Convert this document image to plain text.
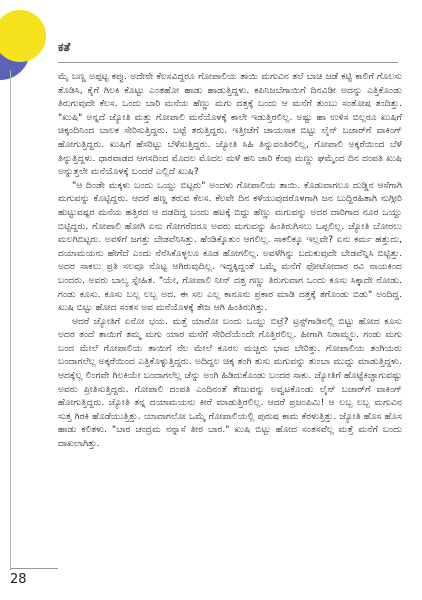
ಕತೆ

ಮೈ ಬಣ್ಣ ಅಪ್ಪಟ್ಟ ಕಪ್ಪು. ಅದೇನೇ ಕೆಲಸವಿದ್ದರೂ ಗೋಪಾಲಿಯ ತಾಯಿ ಮಗುವಿನ ತಲೆ ಬಾಚಿ ಜಡೆ ಕಟ್ಟಿ ಕಾಲಿಗೆ ಗೊಲಸು ತೊಡಿಸಿ, ಕೈಗೆ ಗಿಲಕಿ ಕೊಟ್ಟು ಎಂತಹೋ ಹಾಡು ಹಾಡುತ್ತಿದ್ದಳು. ಕಪಿನಿಜಬೆಗಾಯಿಗೆ ದಿನವಿಡೀ ಅದನ್ನು ಎತ್ತಿಕೊಂಡು ತಿರುಗುವುದೇ ಕೆಲಸ. ಒಂದು ಬಾರಿ ಮನೆಯ ಹೆಣ್ಣು ಮಗು ದತ್ತಕ್ಕೆ ಬಂದು ಆ ಮನೆಗೆ ತುಂಬು ಸಂತೋಷ ತಂದಿತ್ತು. "ಖುಷಿ" ಅನ್ನದೆ ಜ್ಯೋತಿ ಮತ್ತು ಗೋಪಾಲಿ ಮನೆಯೊಳಕ್ಕೆ ಕಾಲೇ ಇಡುತ್ತಿರಲಿಲ್ಲ. ಅಷ್ಟು ಹಾ ಉಳಿಸ ಬಿಲ್ಲರೂ ಖುಷಿಗೆ ಚಿಕ್ಕಂದಿನಿಂದ ಬಾಲಕ ಸೇರಿಸುತ್ತಿದ್ದರು. ಬಟ್ಟೆ ತರುತ್ತಿದ್ದರು. ಇತ್ತೀಚೆಗೆ ಚಾಯಸಾಕ ಬಿಟ್ಟು ಲೈನ್ ಬಜಾರ್‌ಗೆ ವಾಕಿಂಗ್ ಹೋಗುತ್ತಿದ್ದರು. ಖುಷಿಗೆ ಹೆಸರಿಟ್ಟು ಬೆಳೆಸುತ್ತಿದ್ದರು. ಜ್ಯೋತಿ ಸಿಹಿ ತಿನ್ನುವಂತಿರಲಿಲ್ಲ, ಗೋಪಾಲಿ ಅಕ್ಕರೆಯಿಂದ ಬೆಳೆ ತಿನ್ನುತ್ತಿದ್ದಳು. ಧಾರವಾಡದ ಆಗಸದಿಂದ ಮೊದಲ ಮೊದಲ ಮಳೆ ಹನಿ ಜಾರಿ ಕೆಂಪು ಮಣ್ಣು ಘಮ್ಮೆಂದ ದಿನ ದಂಪತಿ ಖುಷಿ ಅನ್ನುತ್ತಲೇ ಮನೆಯೊಳಕ್ಕೆ ಬಂದರೆ ಎಲ್ಲಿದೆ ಖುಷಿ?

"ಆ ದಿಂಡೇ ಮಕ್ಕಳು ಬಂದು ಒಯ್ದು ಬಿಟ್ಟರು" ಅಂದಳು ಗೋಪಾಲಿಯ ತಾಯಿ. ಕೊಡುವಾಗಲೂ ದುಡ್ಡಿನ ಆಸೆಗಾಗಿ ಮಗುವನ್ನು ಕೊಟ್ಟಿದ್ದರು. ಆದರೆ ಹಣ್ಣ ತರುವ ಕೆಲಸ. ಕೆಲವೇ ದಿನ ಕಳೆಯುವುದರೊಳಗಾಗಿ ಜನ ಬುದ್ದಿರಹಿತಾಗಿ ನುಗ್ಗೀರಿ ಹುಟ್ಟುವಷ್ಟರ ಮನೆಯ ಹತ್ತಿರದ ಆ ದಡದಿದ್ದ ಬಂದು ಹಟಕ್ಕೆ ಬಿದ್ದು ಹೆಣ್ಣು ಮಗುವನ್ನು ಅದರ ದಾರಿಗಾದ ನೂರ ಒಯ್ದು ಬಿಟ್ಟಿದ್ದರು. ಗೋಪಾಲಿ ಹೋಗಿ ಏನು ಗೋಗರೆದರೂ ಅವರು ಮಗುವನ್ನು ಹಿಂತಿರುಗಿಸಲು ಒಪ್ಪಲಿಲ್ಲ. ಜ್ಯೋತಿ ಬೋರಲು ಮಲಗಿಬಿಟ್ಟರು. ಅವಳಿಗೆ ಜಗತ್ತು ಬೇಡವೆನಿಸಿತ್ತು. ಹೆಂಡಿಕ್ಕೊತುಂ ಆಗಲಿಲ್ಲ. ಸಾಕಲಿಕ್ಕೂ ಇಲ್ಲವೇ? ಏನು ಕರ್ಮ ಹತ್ತುದು, ದಯಾಮಯನು ಹೇಗೆದೆ ಎಂದು ನೆನೆಸಿಕೊಳ್ಳಲೂ ಕೂಡ ಹೋಗಲಿಲ್ಲ. ಅವಳೆಗಿನ್ನು ಬದುಕುವುದೇ ಬೇಡವೆನ್ನಿಸಿ ಬಿಟ್ಟಿತ್ತು. ಅದರ ಸಾಕಲು ಪ್ರತಿ ಸಲವೂ ನೊಟ್ಟ ಆಗಿರುವುದಿಲ್ಲ. ಇದ್ದಕ್ಕಿದ್ದಂತೆ ಒಮ್ಮೆ ಮನೆಗೆ ಫೋಟೋದಾರ ರವಿ ನಾಯಕಿಂದ ಬಂದರು. ಅವರು ಬಾಲ್ಯ ಸ್ನೇಹಿತ. "ಯೇ, ಗೋಪಾಲಿ ನೀನ್ ದತ್ತ ಗಣ್ಣು ತಿರುಗುವಾಗ ಒಂದು ಕೂಸು ಸಿಕ್ಕಾದೇ ನೋಡು. ಗಂಡು ಕೂಸು. ಕೂಸು ಬಲ್ಲ ಲಬ್ಬ ಅದ. ಈ ಸಲ ಎಲ್ಲ ಕಾನೂನು ಪ್ರಕಾರ ಮಾಡಿ ದತ್ತಕ್ಕೆ ತಗೊಂಡು ಬಿಡು" ಅಂದಿದ್ದ. ಖುಷಿ ಬಿಟ್ಟು ಹೋದ ಸಂತಸ ಅವ ಮನೆಯೊಳಕ್ಕೆ ತೇಜ ಆಗಿ ಹಿಂತಿರುಗಿತ್ತು.

ಆದರೆ ಜ್ಯೋತಿಗೆ ಏನೋ ಭಯ. ಮತ್ತೆ ಯಾರೋ ಬಂದು ಒಯ್ದು ಬಿಟ್ರೆ? ಟ್ರಸ್ಟ್‌ಗಾಡಿನಲ್ಲಿ ಬಿಟ್ಟು ಹೋದ ಕೂಸು ಅದರ ತಂದೆ ತಾಯಿಗೆ ತಮ್ಮ ಮಗು ಯಾರ ಮನೆಗೆ ಸೇರಿದೆಯೆಂದೇ ಗೊತ್ತಿರಲಿಲ್ಲ. ಹೀಗಾಗಿ ನಿರಾಮ್ಲ್ವಲ. ಗಂಡು ಮಗು ಬಂದ ಮೇಲೆ ಗೋಪಾಲಿಯ ತಾಯಿಗೆ ನೆಲ ಮೇಲೆ ಕೂರಲ ಮಚ್ಚಿರು ಭಾವ ಬೇರಿತ್ತು. ಗೋಪಾಲಿಯ ತಂಗಿಯರು ಬಂದಾಗಲೆಲ್ಲ ಅಕ್ಕರೆಯಿಂದ ಎತ್ತಿಕೊಳ್ಳುತ್ತಿದ್ದರು. ಅದಿದ್ದಲ ಚಿಕ್ಕ ತಂಗಿ ತುಸು ಮಗುವನ್ನು ತುಂಬಾ ಮುದ್ದು ಮಾಡುತ್ತಿದ್ದಳು. ಆದಕ್ಕೆಲ್ಲ ಲಿಂಗವೇ ಗಿಲಕಿಯೇ ಬಂದಾಗಲೆಲ್ಲ ಚೆನ್ನು ಅಂಗಿ ಹಿಡಿದುಕೊಂಡು ಬಂದರ ಸಾಕು. ಜ್ಯೋತಿಗೆ ಹೊಟ್ಟೆಕಿಚ್ಚಾಗುವಷ್ಟು ಅವರು ಪ್ರೀತಿಸುತ್ತಿದ್ದರು. ಗೋಪಾಲಿ ದಂಪತಿ ಎಂದಿನಂತೆ ತೇಜುವನ್ನು ಅವ್ವಟಕೊಂಡು ಲೈನ್ ಬಜಾರ್‌ಗೆ ವಾಕಿಂಗ್ ಹೋಗುತ್ತಿದ್ದರು. ಜ್ಯೋತಿ ತನ್ನ ದಯಾಮಯನು ಕೀರೆ ಮಾಡುತ್ತಿರಲಿಲ್ಲ. ಆದರೆ ಪ್ರಜಂಪಿಮಿ! ಆ ಲಬ್ಬ ಲಬ್ಬ ಮಗುವಿನ ಸುತ್ತ ಗಿರಕಿ ಹೊಡೆಯುತ್ತಿತ್ತು. ಯಾವಾಗಲೋ ಒಮ್ಮೆ ಗೋಪಾಲಿಯಲ್ಲಿ ಪುರುಷ ಕಾಮ ಕೆರಳುತ್ತಿತ್ತು. ಜ್ಯೋತಿ ಹೊಸ ಹೊಸ ಹಾಡು ಕಲಿತಳು. "ಬಾರ ಚಂದ್ರಮ ನನ್ನಾಸೆ ತೀರ ಬಾರ." ಖುಷಿ ಬಿಟ್ಟು ಹೋದ ಸಂತಸವೆಲ್ಲ ಮತ್ತೆ ಮನೆಗೆ ಬಂದು ದಾಖಲಾಗಿತ್ತು.

28
